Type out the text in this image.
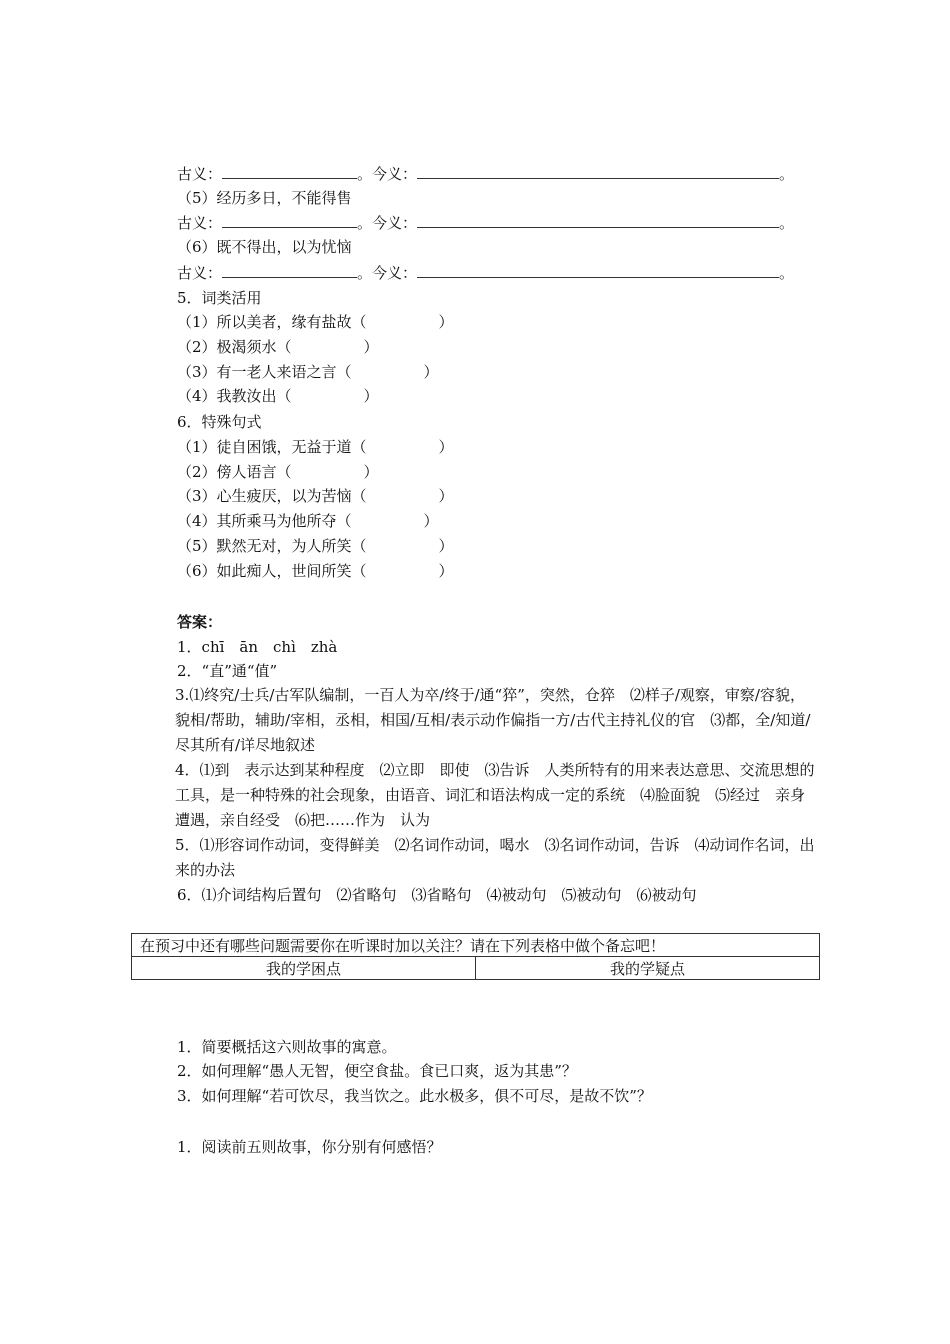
古义：	。今义：	。
（5）经历多日，不能得售
古义：	。今义：	。
（6）既不得出，以为忧恼
古义：	。今义：	。
5．词类活用
（1）所以美者，缘有盐故（	）
（2）极渴须水（	）
（3）有一老人来语之言（	）
（4）我教汝出（	）
6．特殊句式
（1）徒自困饿，无益于道（	）
（2）傍人语言（	）
（3）心生疲厌，以为苦恼（	）
（4）其所乘马为他所夺（	）
（5）默然无对，为人所笑（	）
（6）如此痴人，世间所笑（	）
答案：
1．chī　ān　chì　zhà
2．“直”通“值”
3.⑴终究/士兵/古军队编制，一百人为卒/终于/通“猝”，突然，仓猝　⑵样子/观察，审察/容貌，貌相/帮助，辅助/宰相，丞相，相国/互相/表示动作偏指一方/古代主持礼仪的官　⑶都，全/知道/尽其所有/详尽地叙述
4．⑴到　表示达到某种程度　⑵立即　即使　⑶告诉　人类所特有的用来表达意思、交流思想的工具，是一种特殊的社会现象，由语音、词汇和语法构成一定的系统　⑷脸面貌　⑸经过　亲身遭遇，亲自经受　⑹把……作为　认为
5．⑴形容词作动词，变得鲜美　⑵名词作动词，喝水　⑶名词作动词，告诉　⑷动词作名词，出来的办法
6．⑴介词结构后置句　⑵省略句　⑶省略句　⑷被动句　⑸被动句　⑹被动句
在预习中还有哪些问题需要你在听课时加以关注？请在下列表格中做个备忘吧！
我的学困点	我的学疑点
1．简要概括这六则故事的寓意。
2．如何理解“愚人无智，便空食盐。食已口爽，返为其患”？
3．如何理解“若可饮尽，我当饮之。此水极多，俱不可尽，是故不饮”？
1．阅读前五则故事，你分别有何感悟？
